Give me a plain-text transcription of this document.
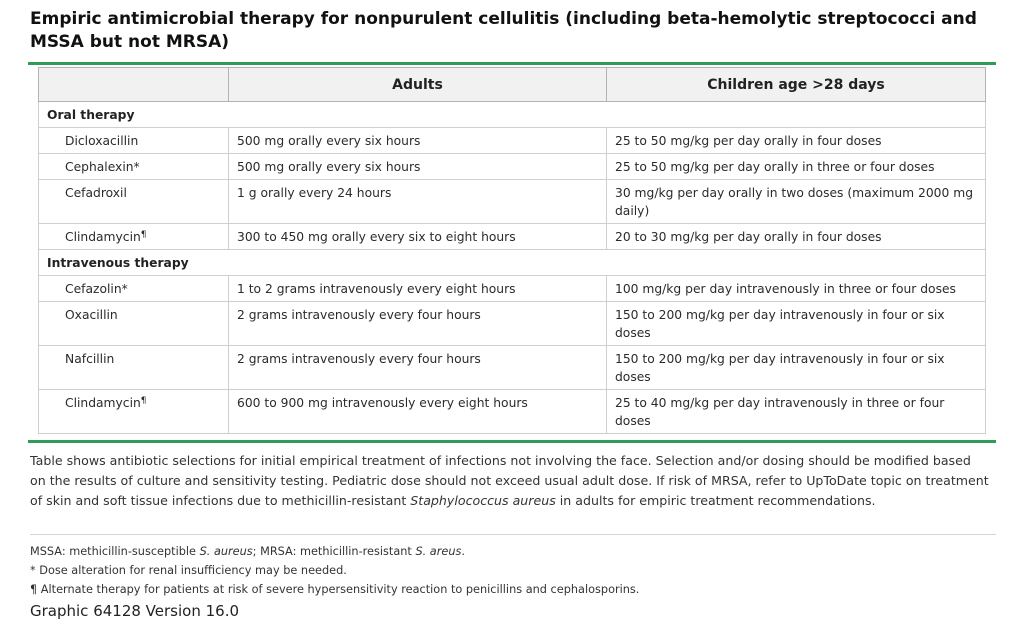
Empiric antimicrobial therapy for nonpurulent cellulitis (including beta-hemolytic streptococci and MSSA but not MRSA)
	Adults	Children age >28 days
Oral therapy		
Dicloxacillin	500 mg orally every six hours	25 to 50 mg/kg per day orally in four doses
Cephalexin*	500 mg orally every six hours	25 to 50 mg/kg per day orally in three or four doses
Cefadroxil	1 g orally every 24 hours	30 mg/kg per day orally in two doses (maximum 2000 mg daily)
Clindamycin¶	300 to 450 mg orally every six to eight hours	20 to 30 mg/kg per day orally in four doses
Intravenous therapy		
Cefazolin*	1 to 2 grams intravenously every eight hours	100 mg/kg per day intravenously in three or four doses
Oxacillin	2 grams intravenously every four hours	150 to 200 mg/kg per day intravenously in four or six doses
Nafcillin	2 grams intravenously every four hours	150 to 200 mg/kg per day intravenously in four or six doses
Clindamycin¶	600 to 900 mg intravenously every eight hours	25 to 40 mg/kg per day intravenously in three or four doses
Table shows antibiotic selections for initial empirical treatment of infections not involving the face. Selection and/or dosing should be modified based on the results of culture and sensitivity testing. Pediatric dose should not exceed usual adult dose. If risk of MRSA, refer to UpToDate topic on treatment of skin and soft tissue infections due to methicillin-resistant Staphylococcus aureus in adults for empiric treatment recommendations.
MSSA: methicillin-susceptible S. aureus; MRSA: methicillin-resistant S. areus.
* Dose alteration for renal insufficiency may be needed.
¶ Alternate therapy for patients at risk of severe hypersensitivity reaction to penicillins and cephalosporins.
Graphic 64128 Version 16.0
